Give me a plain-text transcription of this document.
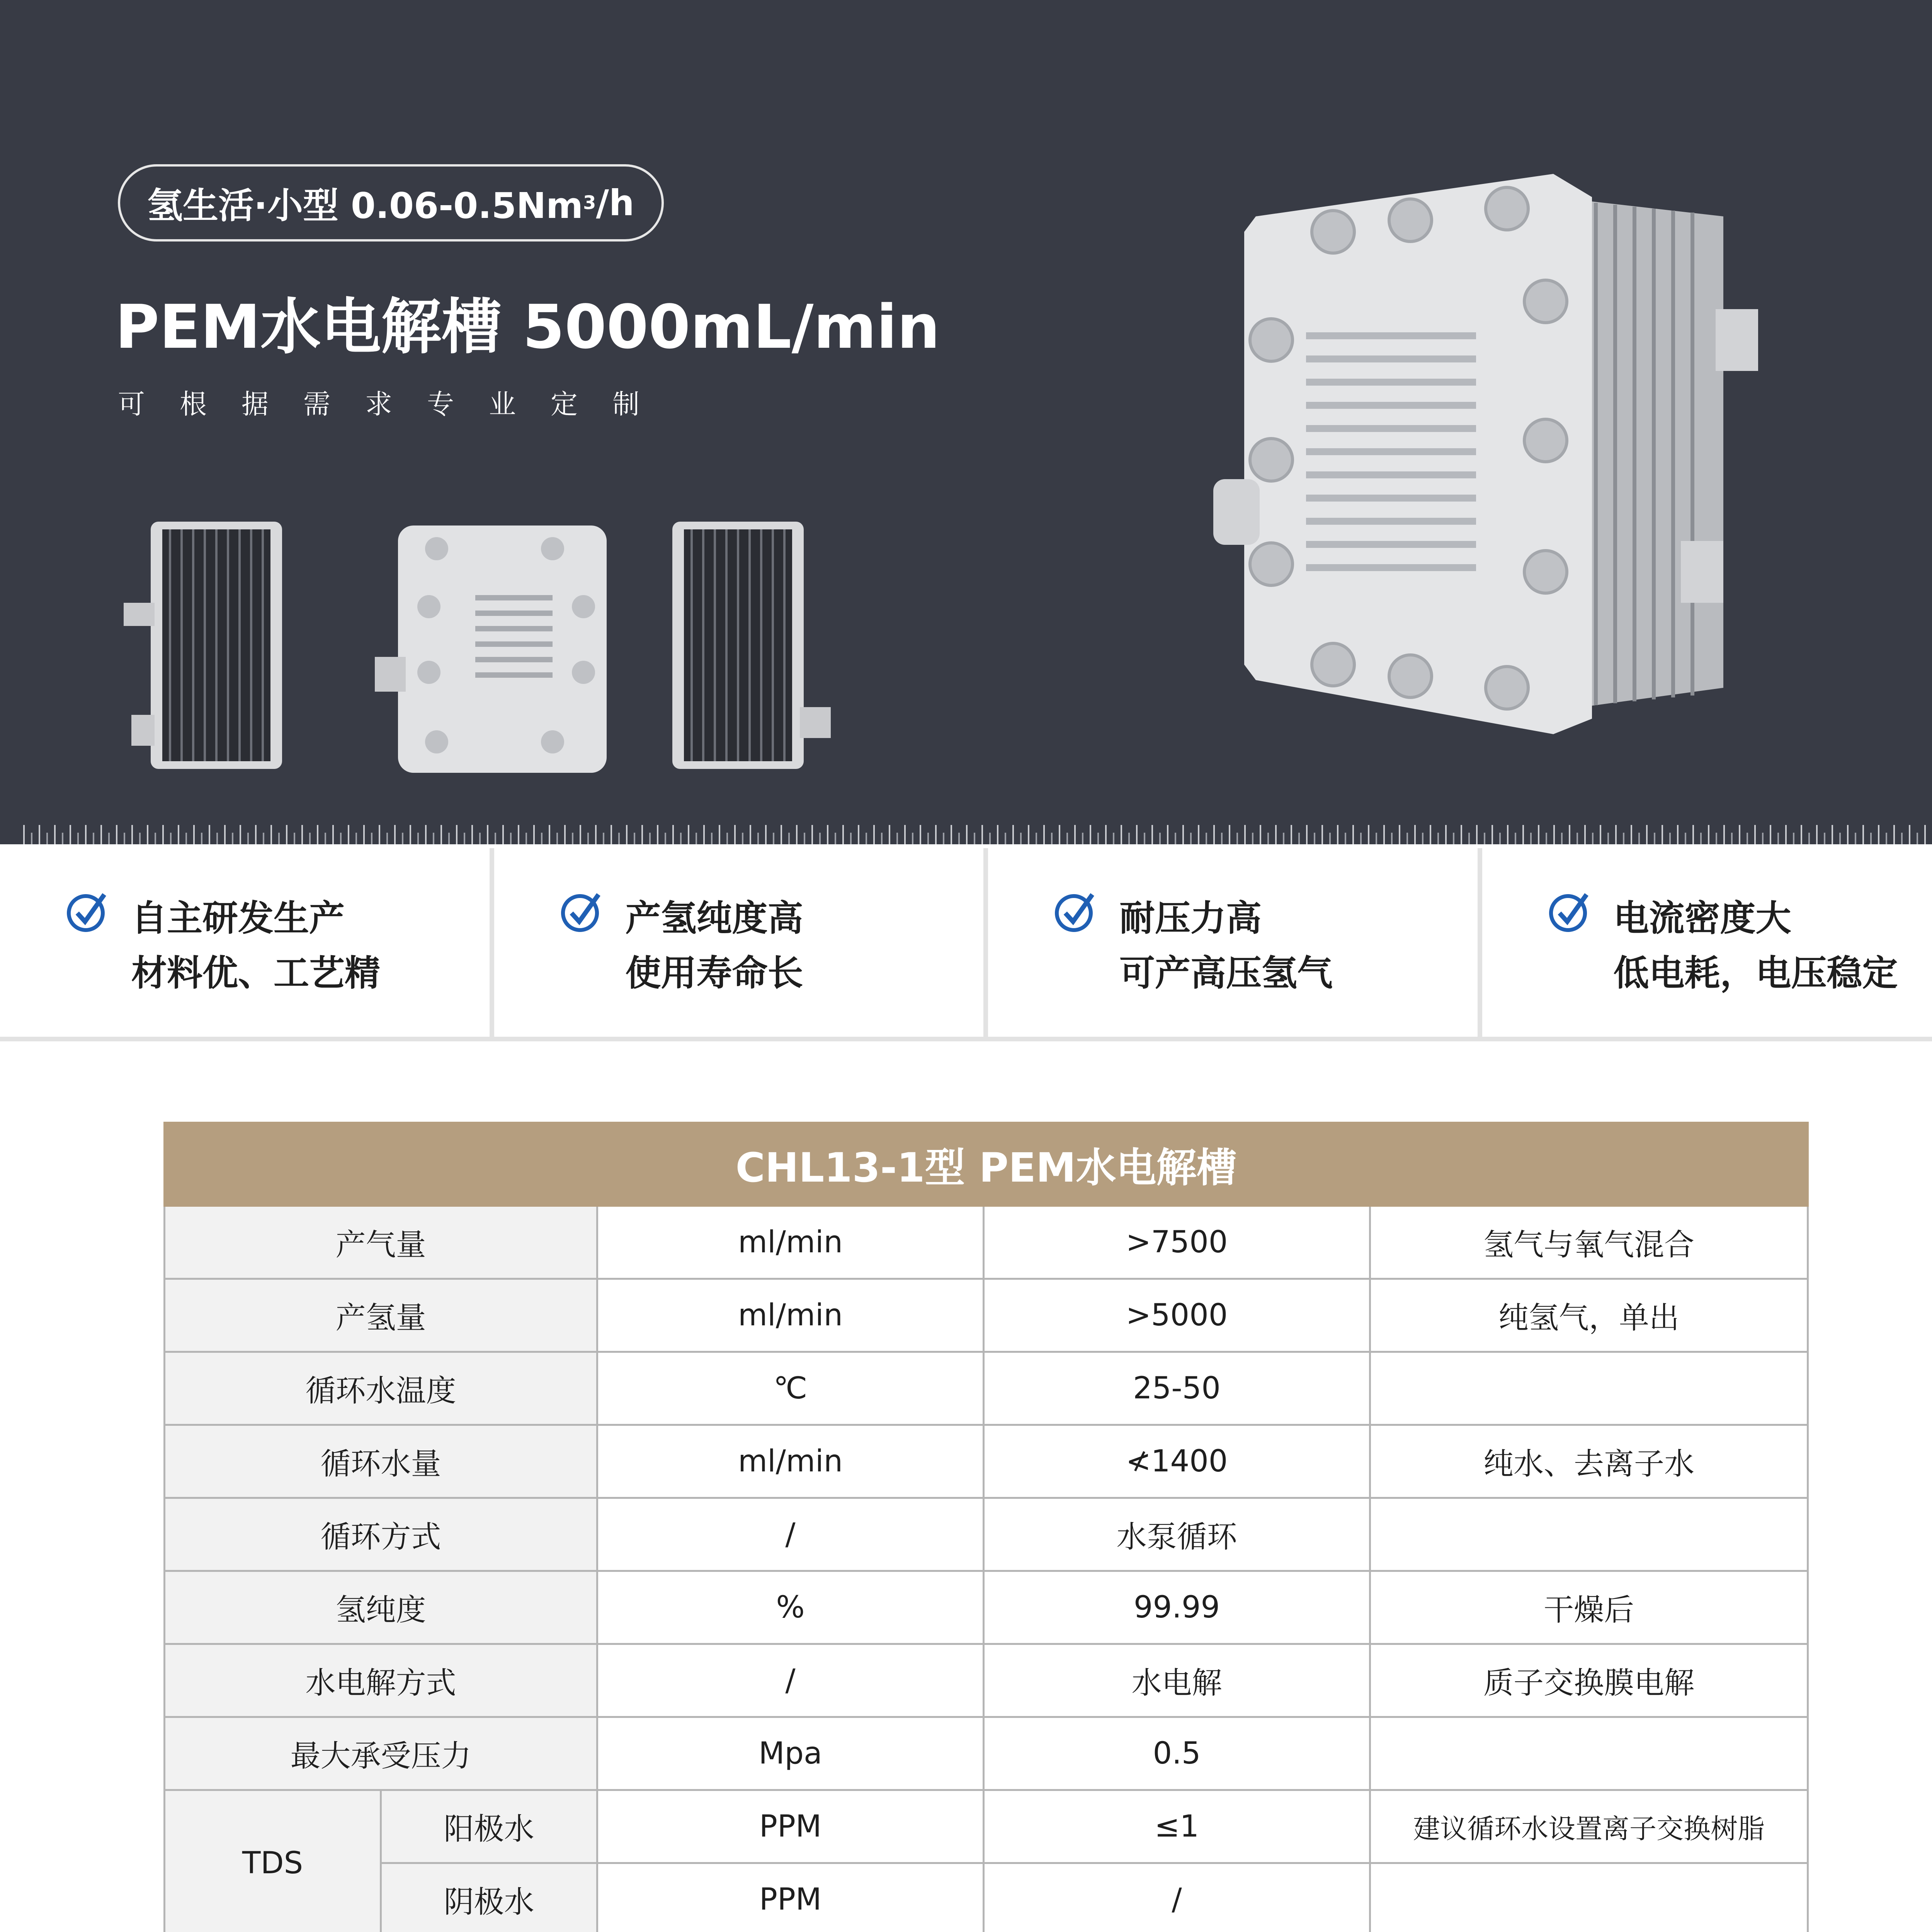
氢生活·小型 0.06-0.5Nm 3 /h
PEM水电解槽 5000mL/min
可根据需求专业定制
自主研发生产
材料优、工艺精
产氢纯度高
使用寿命长
耐压力高
可产高压氢气
电流密度大
低电耗，电压稳定
CHL13-1型 PEM水电解槽				
产气量		ml/min	>7500	氢气与氧气混合
产氢量		ml/min	>5000	纯氢气，单出
循环水温度		℃	25-50	
循环水量		ml/min	≮1400	纯水、去离子水
循环方式		/	水泵循环	
氢纯度		%	99.99	干燥后
水电解方式		/	水电解	质子交换膜电解
最大承受压力		Mpa	0.5	
TDS	阳极水	PPM	≤1	建议循环水设置离子交换树脂
	阴极水	PPM	/	
